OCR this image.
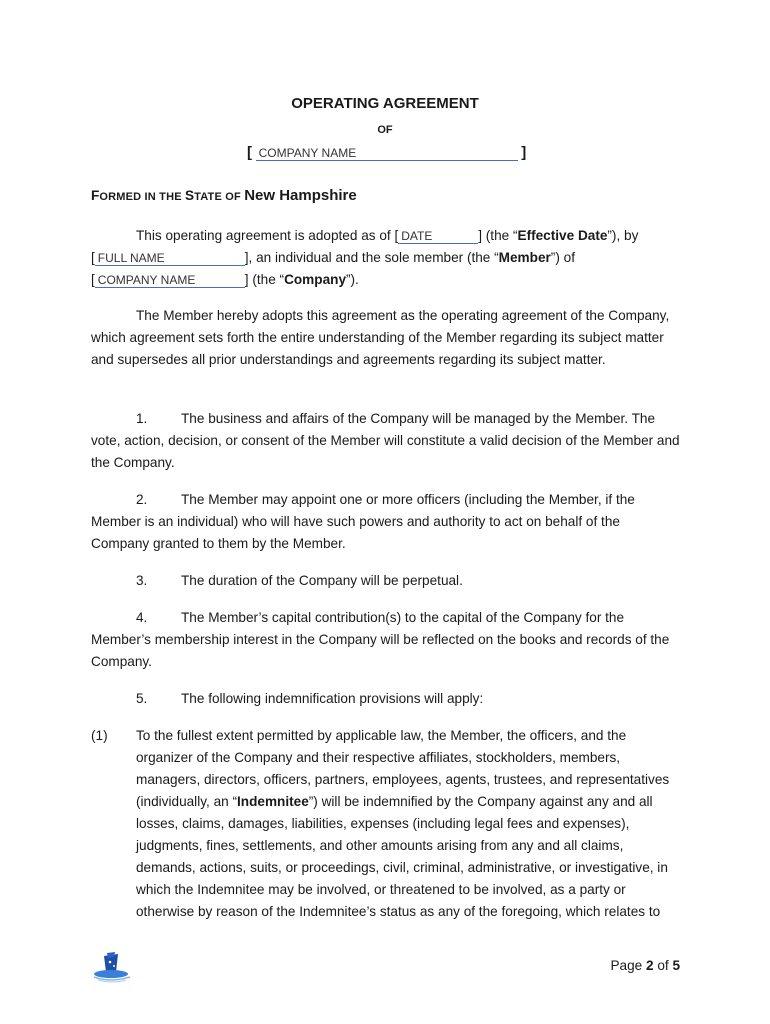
OPERATING AGREEMENT
OF
[ COMPANY NAME	]
FORMED IN THE STATE OF New Hampshire
This operating agreement is adopted as of [ DATE	] (the “Effective Date”), by
[ FULL NAME	], an individual and the sole member (the “Member”) of
[ COMPANY NAME	] (the “Company”).
The Member hereby adopts this agreement as the operating agreement of the Company, which agreement sets forth the entire understanding of the Member regarding its subject matter and supersedes all prior understandings and agreements regarding its subject matter.
1. The business and affairs of the Company will be managed by the Member. The vote, action, decision, or consent of the Member will constitute a valid decision of the Member and the Company.
2. The Member may appoint one or more officers (including the Member, if the Member is an individual) who will have such powers and authority to act on behalf of the Company granted to them by the Member.
3. The duration of the Company will be perpetual.
4. The Member’s capital contribution(s) to the capital of the Company for the Member’s membership interest in the Company will be reflected on the books and records of the Company.
5. The following indemnification provisions will apply:
(1) To the fullest extent permitted by applicable law, the Member, the officers, and the organizer of the Company and their respective affiliates, stockholders, members, managers, directors, officers, partners, employees, agents, trustees, and representatives (individually, an “Indemnitee”) will be indemnified by the Company against any and all losses, claims, damages, liabilities, expenses (including legal fees and expenses), judgments, fines, settlements, and other amounts arising from any and all claims, demands, actions, suits, or proceedings, civil, criminal, administrative, or investigative, in which the Indemnitee may be involved, or threatened to be involved, as a party or otherwise by reason of the Indemnitee’s status as any of the foregoing, which relates to
Page 2 of 5
